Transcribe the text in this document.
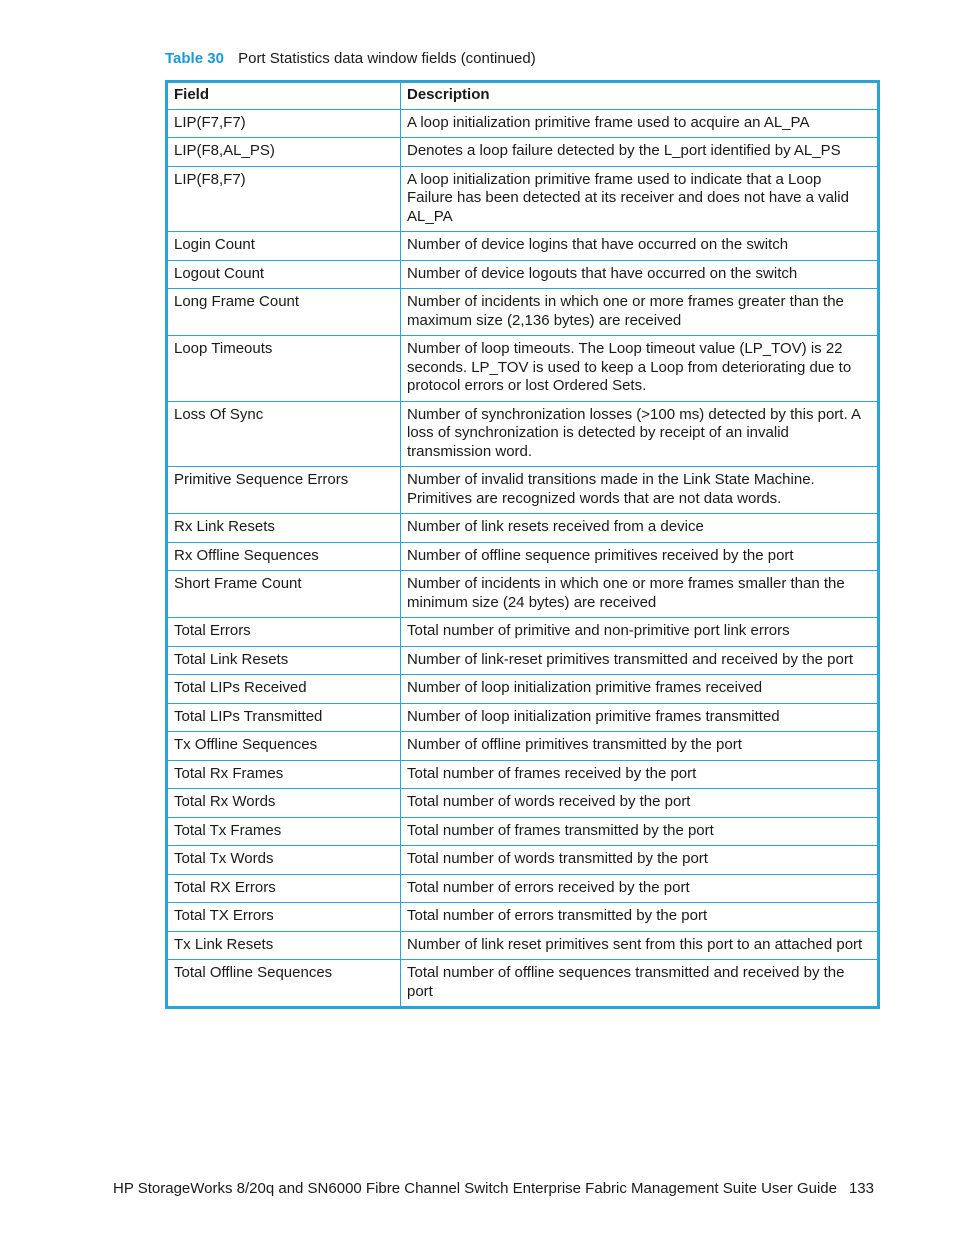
Table 30 Port Statistics data window fields (continued)
Field	Description
LIP(F7,F7)	A loop initialization primitive frame used to acquire an AL_PA
LIP(F8,AL_PS)	Denotes a loop failure detected by the L_port identified by AL_PS
LIP(F8,F7)	A loop initialization primitive frame used to indicate that a Loop Failure has been detected at its receiver and does not have a valid AL_PA
Login Count	Number of device logins that have occurred on the switch
Logout Count	Number of device logouts that have occurred on the switch
Long Frame Count	Number of incidents in which one or more frames greater than the maximum size (2,136 bytes) are received
Loop Timeouts	Number of loop timeouts. The Loop timeout value (LP_TOV) is 22 seconds. LP_TOV is used to keep a Loop from deteriorating due to protocol errors or lost Ordered Sets.
Loss Of Sync	Number of synchronization losses (>100 ms) detected by this port. A loss of synchronization is detected by receipt of an invalid transmission word.
Primitive Sequence Errors	Number of invalid transitions made in the Link State Machine. Primitives are recognized words that are not data words.
Rx Link Resets	Number of link resets received from a device
Rx Offline Sequences	Number of offline sequence primitives received by the port
Short Frame Count	Number of incidents in which one or more frames smaller than the minimum size (24 bytes) are received
Total Errors	Total number of primitive and non-primitive port link errors
Total Link Resets	Number of link-reset primitives transmitted and received by the port
Total LIPs Received	Number of loop initialization primitive frames received
Total LIPs Transmitted	Number of loop initialization primitive frames transmitted
Tx Offline Sequences	Number of offline primitives transmitted by the port
Total Rx Frames	Total number of frames received by the port
Total Rx Words	Total number of words received by the port
Total Tx Frames	Total number of frames transmitted by the port
Total Tx Words	Total number of words transmitted by the port
Total RX Errors	Total number of errors received by the port
Total TX Errors	Total number of errors transmitted by the port
Tx Link Resets	Number of link reset primitives sent from this port to an attached port
Total Offline Sequences	Total number of offline sequences transmitted and received by the port
HP StorageWorks 8/20q and SN6000 Fibre Channel Switch Enterprise Fabric Management Suite User Guide 133
